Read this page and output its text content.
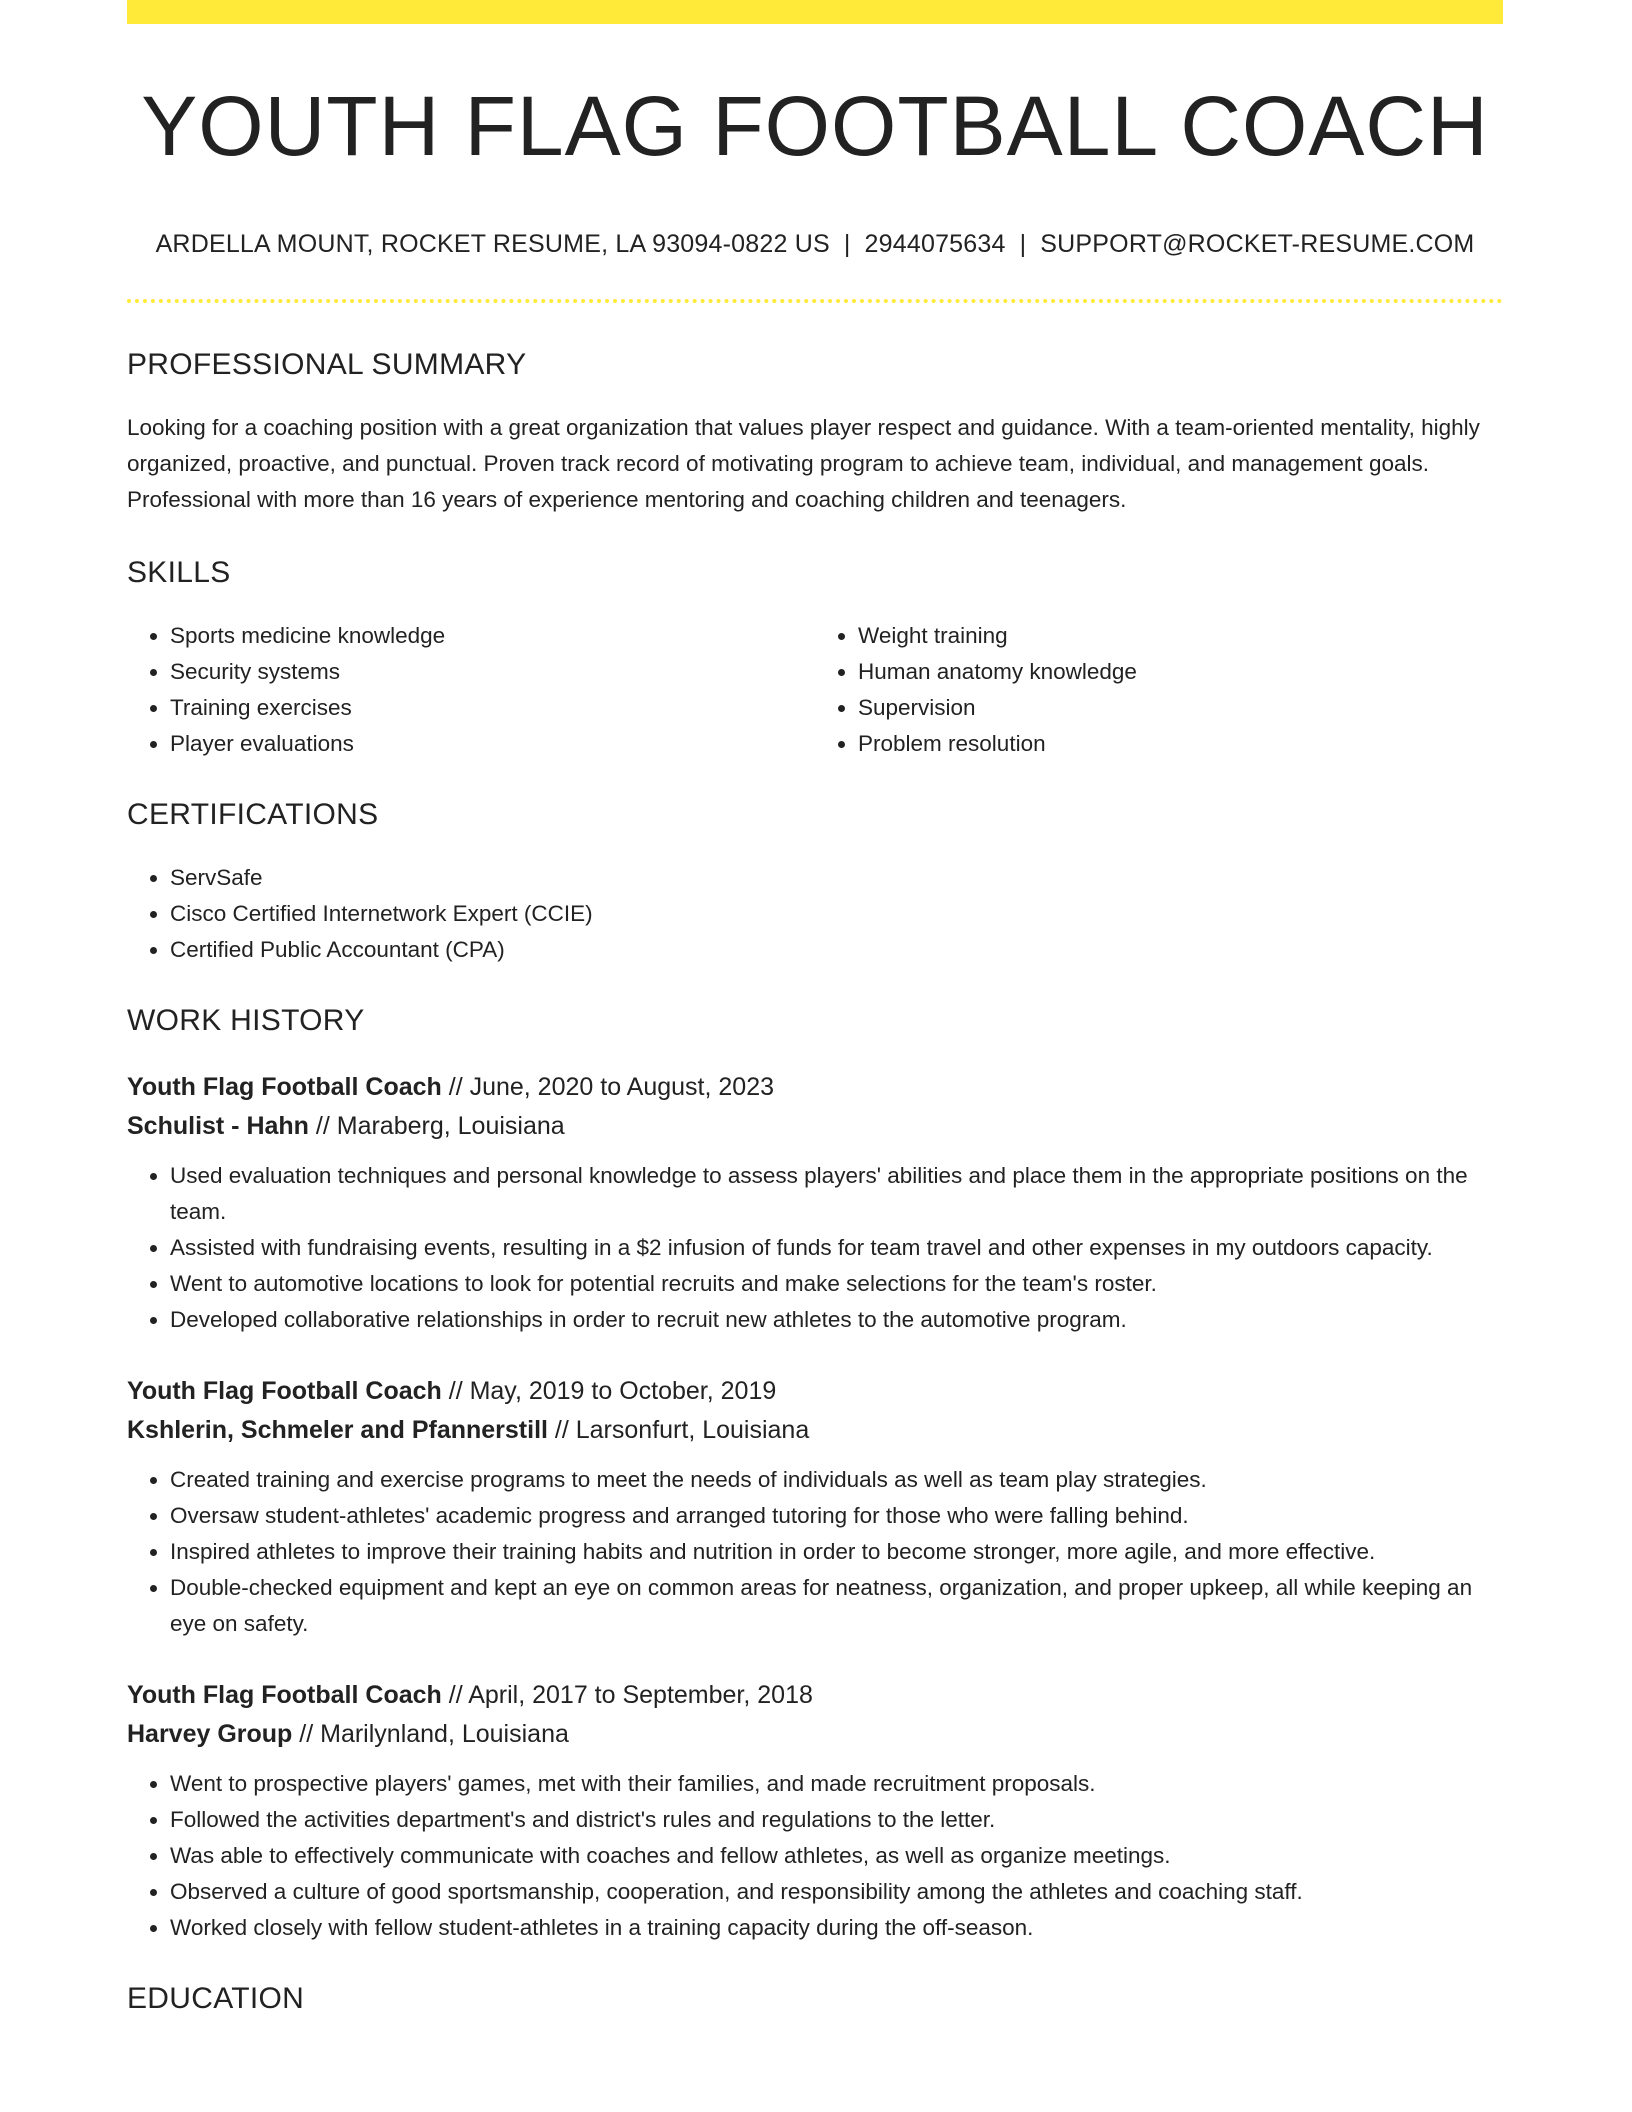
YOUTH FLAG FOOTBALL COACH
ARDELLA MOUNT, ROCKET RESUME, LA 93094-0822 US | 2944075634 | SUPPORT@ROCKET-RESUME.COM
PROFESSIONAL SUMMARY

Looking for a coaching position with a great organization that values player respect and guidance. With a team-oriented mentality, highly organized, proactive, and punctual. Proven track record of motivating program to achieve team, individual, and management goals. Professional with more than 16 years of experience mentoring and coaching children and teenagers.

SKILLS
• Sports medicine knowledge
• Security systems
• Training exercises
• Player evaluations
• Weight training
• Human anatomy knowledge
• Supervision
• Problem resolution
CERTIFICATIONS
• ServSafe
• Cisco Certified Internetwork Expert (CCIE)
• Certified Public Accountant (CPA)
WORK HISTORY
Youth Flag Football Coach // June, 2020 to August, 2023
Schulist - Hahn // Maraberg, Louisiana
• Used evaluation techniques and personal knowledge to assess players' abilities and place them in the appropriate positions on the team.
• Assisted with fundraising events, resulting in a $2 infusion of funds for team travel and other expenses in my outdoors capacity.
• Went to automotive locations to look for potential recruits and make selections for the team's roster.
• Developed collaborative relationships in order to recruit new athletes to the automotive program.
Youth Flag Football Coach // May, 2019 to October, 2019
Kshlerin, Schmeler and Pfannerstill // Larsonfurt, Louisiana
• Created training and exercise programs to meet the needs of individuals as well as team play strategies.
• Oversaw student-athletes' academic progress and arranged tutoring for those who were falling behind.
• Inspired athletes to improve their training habits and nutrition in order to become stronger, more agile, and more effective.
• Double-checked equipment and kept an eye on common areas for neatness, organization, and proper upkeep, all while keeping an eye on safety.
Youth Flag Football Coach // April, 2017 to September, 2018
Harvey Group // Marilynland, Louisiana
• Went to prospective players' games, met with their families, and made recruitment proposals.
• Followed the activities department's and district's rules and regulations to the letter.
• Was able to effectively communicate with coaches and fellow athletes, as well as organize meetings.
• Observed a culture of good sportsmanship, cooperation, and responsibility among the athletes and coaching staff.
• Worked closely with fellow student-athletes in a training capacity during the off-season.
EDUCATION
